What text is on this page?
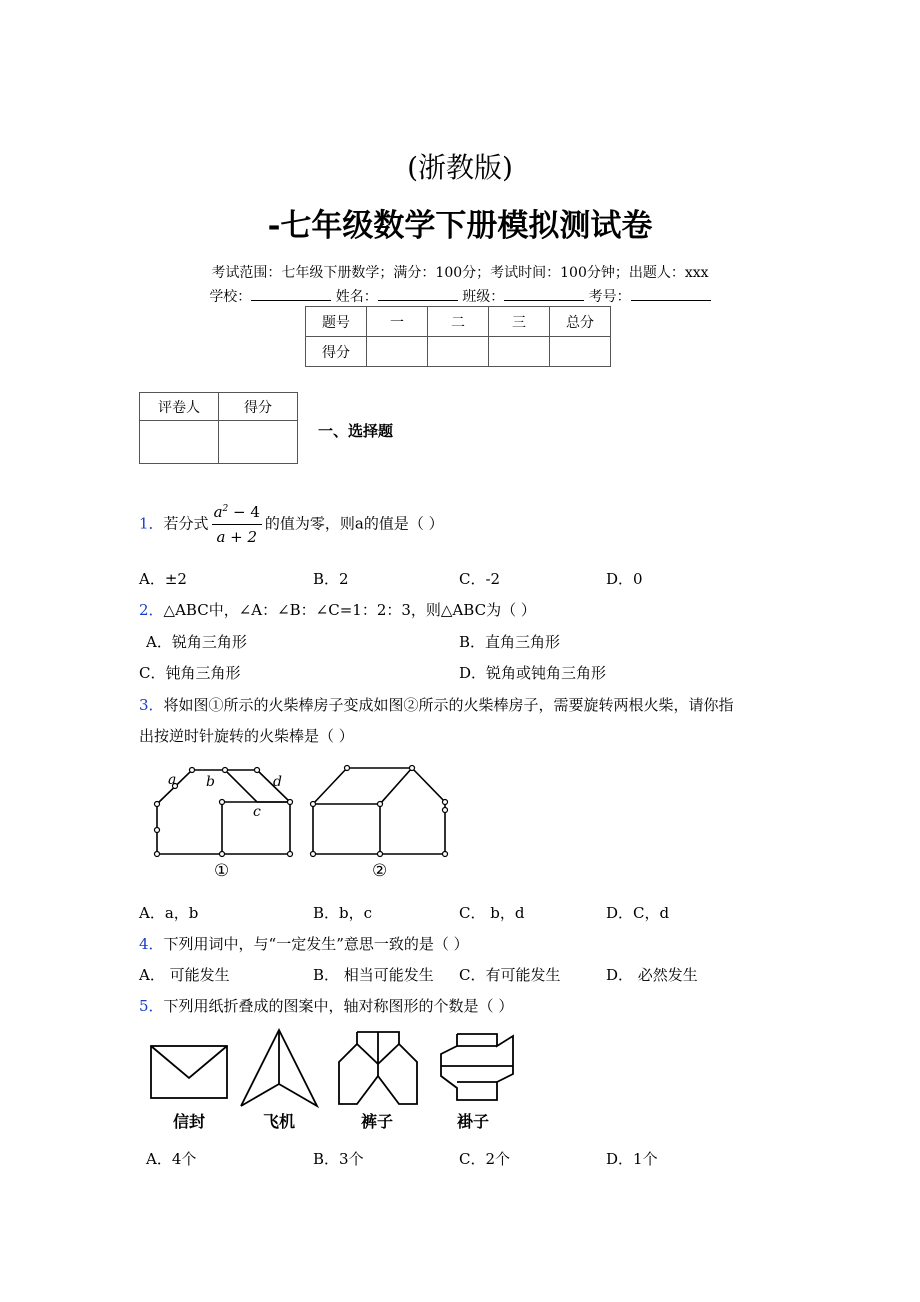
(浙教版)
-七年级数学下册模拟测试卷
考试范围：七年级下册数学；满分：100分；考试时间：100分钟；出题人：xxx
学校：	姓名：	班级：	考号：
题号	一	二	三	总分
得分				
评卷人	得分

一、选择题
1．若分式 $\frac{a^2 - 4}{a + 2}$ 的值为零，则a的值是（ ）
A．±2	B．2	C．-2	D．0
2．△ABC中，∠A：∠B：∠C=1：2：3，则△ABC为（ ）
A．锐角三角形	B．直角三角形
C．钝角三角形	D．锐角或钝角三角形
3．将如图①所示的火柴棒房子变成如图②所示的火柴棒房子，需要旋转两根火柴，请你指
出按逆时针旋转的火柴棒是（ ）
a b
c
d
①	②
A．a，b	B．b，c	C． b，d	D．C，d
4．下列用词中，与“一定发生”意思一致的是（ ）
A． 可能发生	B． 相当可能发生 C．有可能发生	D． 必然发生
5．下列用纸折叠成的图案中，轴对称图形的个数是（ ）
信封	飞机	裤子	褂子
A．4个	B．3个	C．2个	D．1个
